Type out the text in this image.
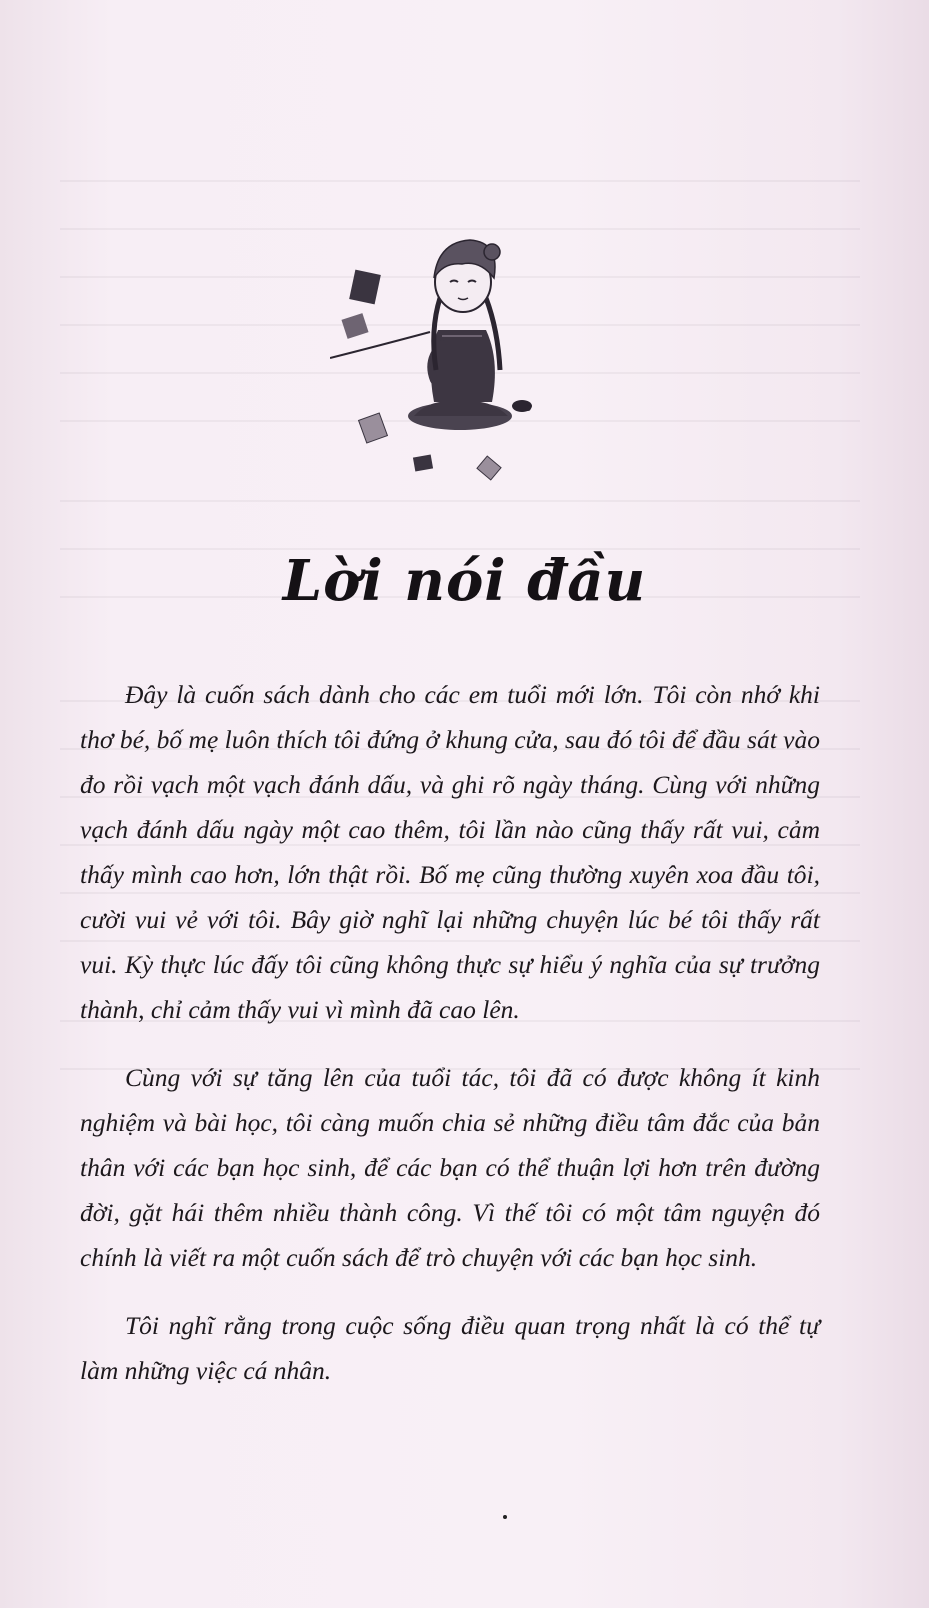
Lời nói đầu

Đây là cuốn sách dành cho các em tuổi mới lớn. Tôi còn nhớ khi thơ bé, bố mẹ luôn thích tôi đứng ở khung cửa, sau đó tôi để đầu sát vào đo rồi vạch một vạch đánh dấu, và ghi rõ ngày tháng. Cùng với những vạch đánh dấu ngày một cao thêm, tôi lần nào cũng thấy rất vui, cảm thấy mình cao hơn, lớn thật rồi. Bố mẹ cũng thường xuyên xoa đầu tôi, cười vui vẻ với tôi. Bây giờ nghĩ lại những chuyện lúc bé tôi thấy rất vui. Kỳ thực lúc đấy tôi cũng không thực sự hiểu ý nghĩa của sự trưởng thành, chỉ cảm thấy vui vì mình đã cao lên.

Cùng với sự tăng lên của tuổi tác, tôi đã có được không ít kinh nghiệm và bài học, tôi càng muốn chia sẻ những điều tâm đắc của bản thân với các bạn học sinh, để các bạn có thể thuận lợi hơn trên đường đời, gặt hái thêm nhiều thành công. Vì thế tôi có một tâm nguyện đó chính là viết ra một cuốn sách để trò chuyện với các bạn học sinh.

Tôi nghĩ rằng trong cuộc sống điều quan trọng nhất là có thể tự làm những việc cá nhân.
